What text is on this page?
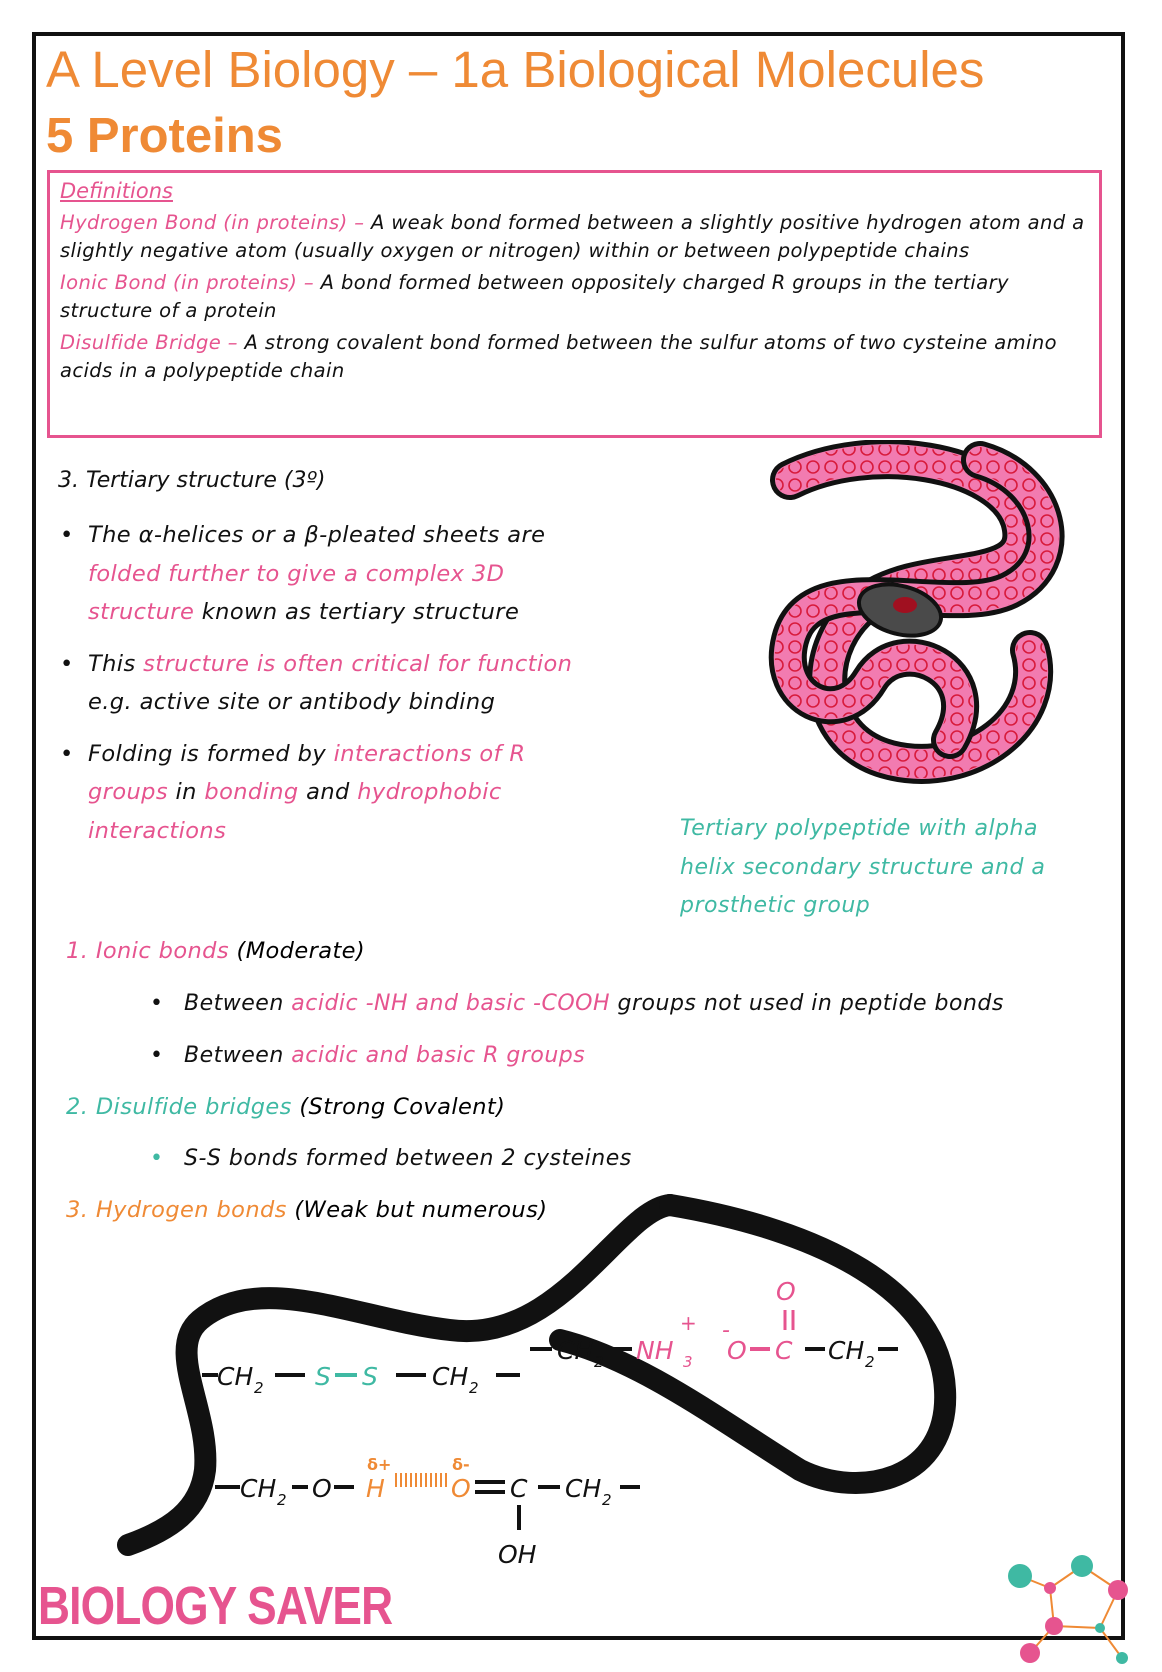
A Level Biology – 1a Biological Molecules
5 Proteins
Definitions

Hydrogen Bond (in proteins) – A weak bond formed between a slightly positive hydrogen atom and a slightly negative atom (usually oxygen or nitrogen) within or between polypeptide chains

Ionic Bond (in proteins) – A bond formed between oppositely charged R groups in the tertiary structure of a protein

Disulfide Bridge – A strong covalent bond formed between the sulfur atoms of two cysteine amino acids in a polypeptide chain

3. Tertiary structure (3º)
• The α-helices or a β-pleated sheets are folded further to give a complex 3D structure known as tertiary structure
• This structure is often critical for function e.g. active site or antibody binding
• Folding is formed by interactions of R groups in bonding and hydrophobic interactions	Tertiary polypeptide with alpha helix secondary structure and a prosthetic group
1. Ionic bonds (Moderate)
• Between acidic -NH and basic -COOH groups not used in peptide bonds
• Between acidic and basic R groups
2. Disulfide bridges (Strong Covalent)
• S-S bonds formed between 2 cysteines
3. Hydrogen bonds (Weak but numerous)
CH 2 S S CH 2
CH 2 NH
+
3
-
O C
O
CH 2
CH 2 O
δ+
H
δ-
O C CH 2
OH
BIOLOGY SAVER
